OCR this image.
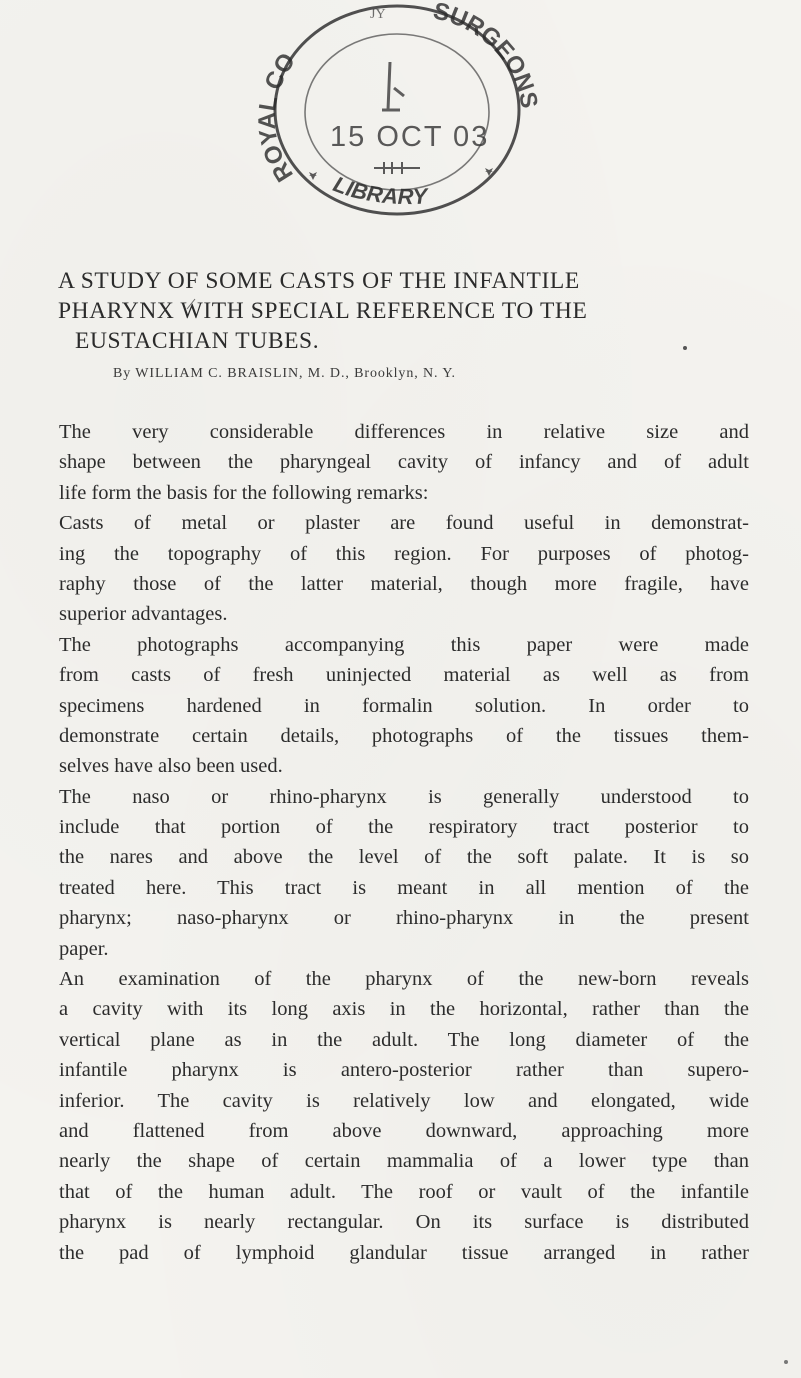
ROYAL CO
SURGEONS
LIBRARY
JY
15 OCT 03
A STUDY OF SOME CASTS OF THE INFANTILE
PHARYNX WITH SPECIAL REFERENCE TO THE
EUSTACHIAN TUBES.
By WILLIAM C. BRAISLIN, M. D., Brooklyn, N. Y.
The very considerable differences in relative size and
shape between the pharyngeal cavity of infancy and of adult
life form the basis for the following remarks:
Casts of metal or plaster are found useful in demonstrat-
ing the topography of this region. For purposes of photog-
raphy those of the latter material, though more fragile, have
superior advantages.
The photographs accompanying this paper were made
from casts of fresh uninjected material as well as from
specimens hardened in formalin solution. In order to
demonstrate certain details, photographs of the tissues them-
selves have also been used.
The naso or rhino-pharynx is generally understood to
include that portion of the respiratory tract posterior to
the nares and above the level of the soft palate. It is so
treated here. This tract is meant in all mention of the
pharynx; naso-pharynx or rhino-pharynx in the present
paper.
An examination of the pharynx of the new-born reveals
a cavity with its long axis in the horizontal, rather than the
vertical plane as in the adult. The long diameter of the
infantile pharynx is antero-posterior rather than supero-
inferior. The cavity is relatively low and elongated, wide
and flattened from above downward, approaching more
nearly the shape of certain mammalia of a lower type than
that of the human adult. The roof or vault of the infantile
pharynx is nearly rectangular. On its surface is distributed
the pad of lymphoid glandular tissue arranged in rather
